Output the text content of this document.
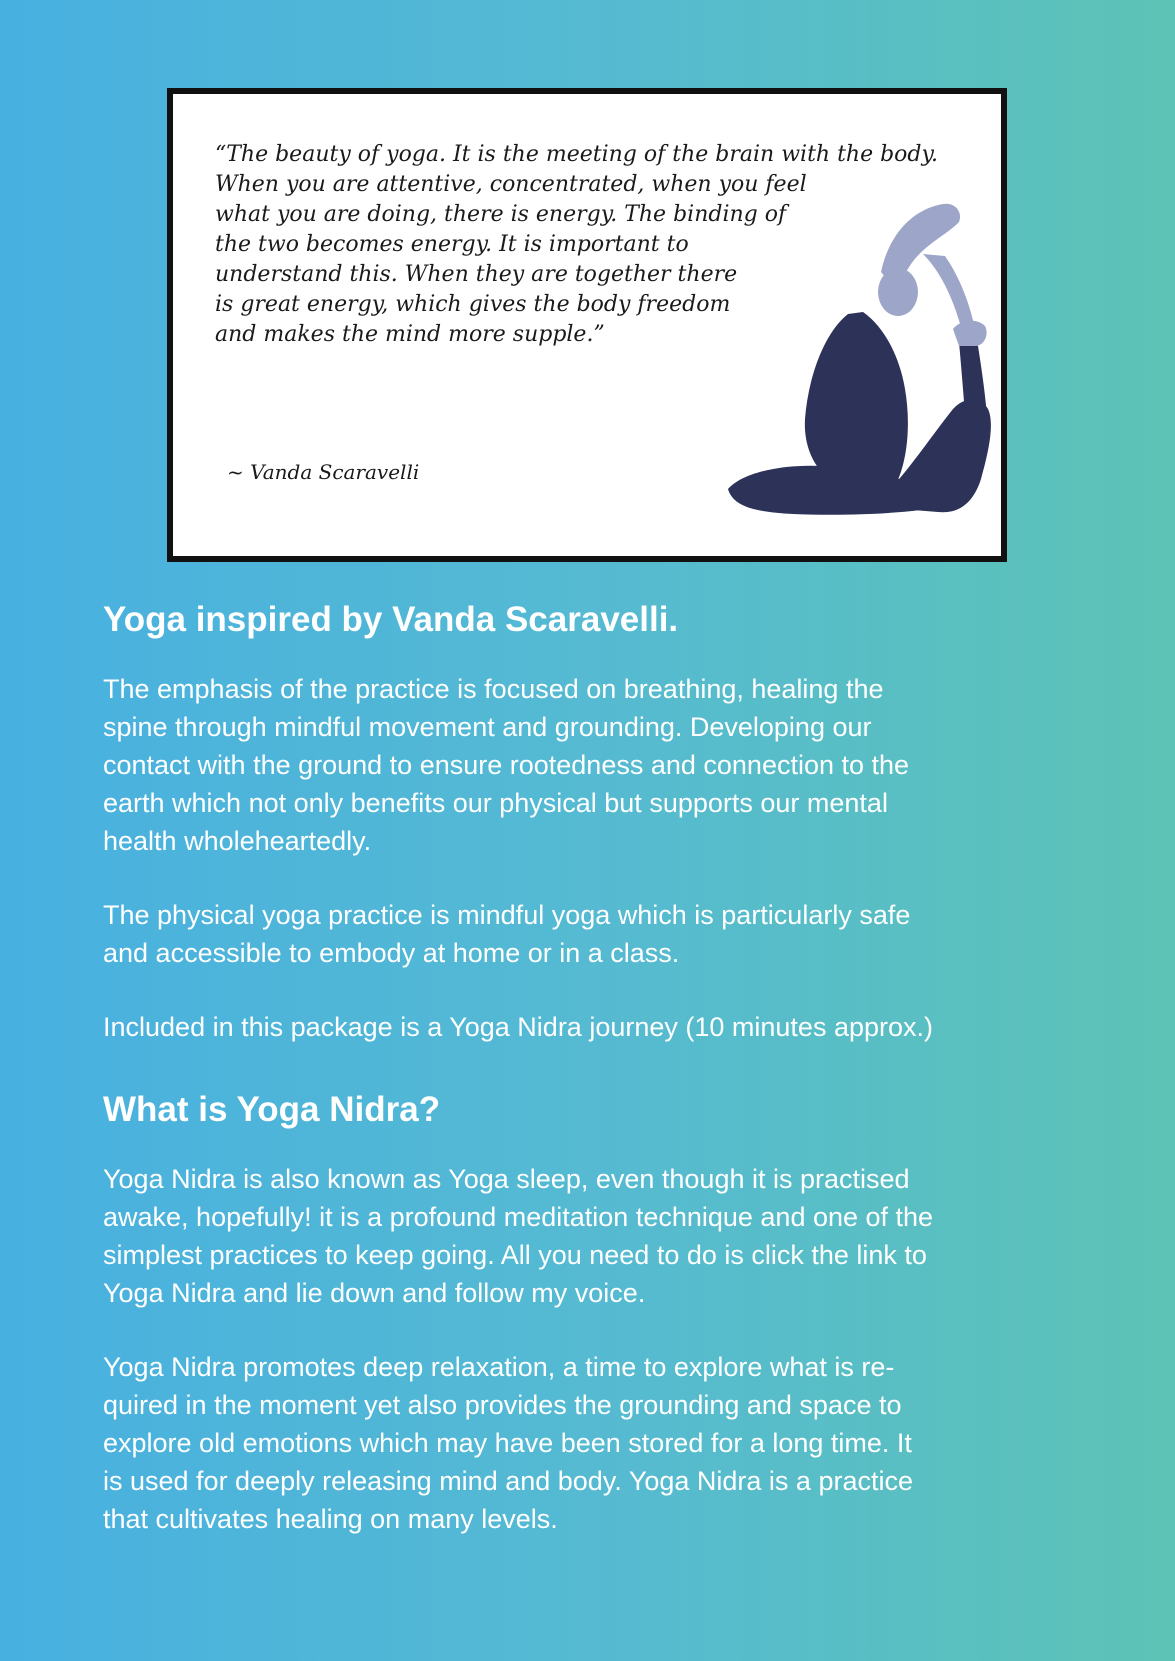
“The beauty of yoga. It is the meeting of the brain with the body.
When you are attentive, concentrated, when you feel
what you are doing, there is energy. The binding of
the two becomes energy. It is important to
understand this. When they are together there
is great energy, which gives the body freedom
and makes the mind more supple.”

~ Vanda Scaravelli
Yoga inspired by Vanda Scaravelli.

The emphasis of the practice is focused on breathing, healing the
spine through mindful movement and grounding. Developing our
contact with the ground to ensure rootedness and connection to the
earth which not only benefits our physical but supports our mental
health wholeheartedly.

The physical yoga practice is mindful yoga which is particularly safe
and accessible to embody at home or in a class.

Included in this package is a Yoga Nidra journey (10 minutes approx.)

What is Yoga Nidra?

Yoga Nidra is also known as Yoga sleep, even though it is practised
awake, hopefully! it is a profound meditation technique and one of the
simplest practices to keep going. All you need to do is click the link to
Yoga Nidra and lie down and follow my voice.

Yoga Nidra promotes deep relaxation, a time to explore what is re-
quired in the moment yet also provides the grounding and space to
explore old emotions which may have been stored for a long time. It
is used for deeply releasing mind and body. Yoga Nidra is a practice
that cultivates healing on many levels.
